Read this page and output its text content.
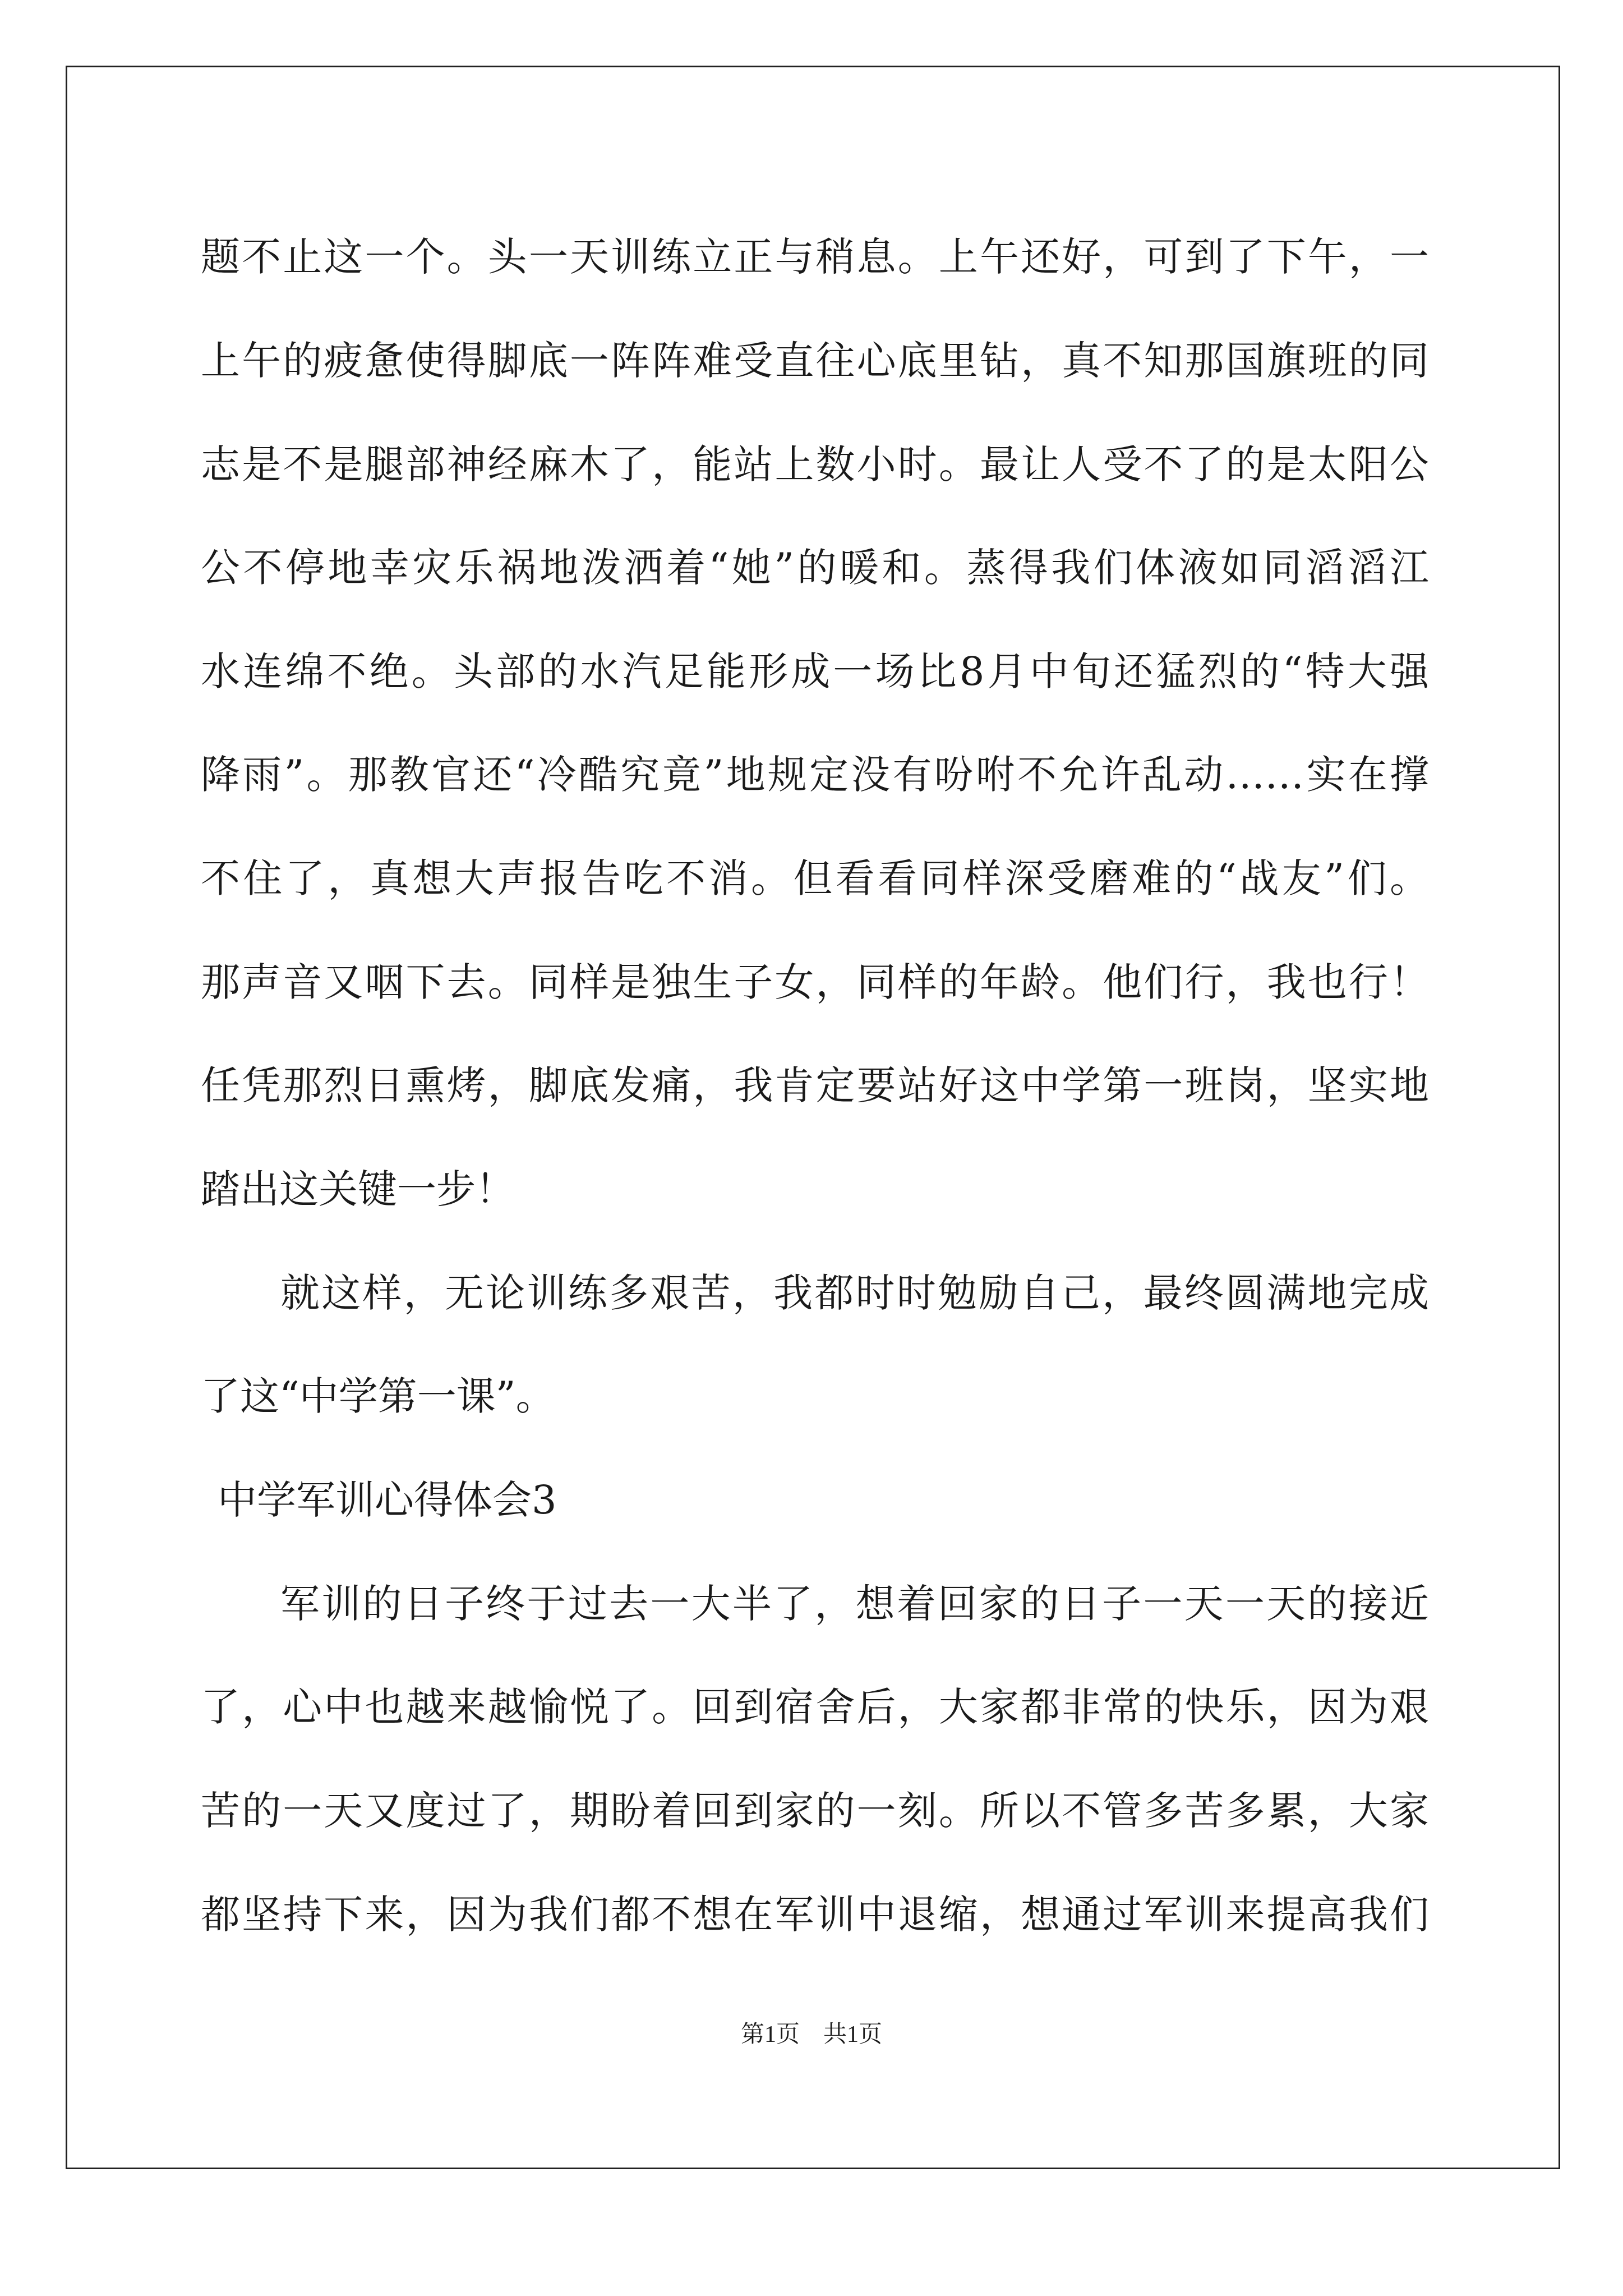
题不止这一个。头一天训练立正与稍息。上午还好，可到了下午，一
上午的疲惫使得脚底一阵阵难受直往心底里钻，真不知那国旗班的同
志是不是腿部神经麻木了，能站上数小时。最让人受不了的是太阳公
公不停地幸灾乐祸地泼洒着“她”的暖和。蒸得我们体液如同滔滔江
水连绵不绝。头部的水汽足能形成一场比8月中旬还猛烈的“特大强
降雨”。那教官还“冷酷究竟”地规定没有吩咐不允许乱动……实在撑
不住了，真想大声报告吃不消。但看看同样深受磨难的“战友”们。
那声音又咽下去。同样是独生子女，同样的年龄。他们行，我也行！
任凭那烈日熏烤，脚底发痛，我肯定要站好这中学第一班岗，坚实地
踏出这关键一步！
就这样，无论训练多艰苦，我都时时勉励自己，最终圆满地完成
了这“中学第一课”。
中学军训心得体会3
军训的日子终于过去一大半了，想着回家的日子一天一天的接近
了，心中也越来越愉悦了。回到宿舍后，大家都非常的快乐，因为艰
苦的一天又度过了，期盼着回到家的一刻。所以不管多苦多累，大家
都坚持下来，因为我们都不想在军训中退缩，想通过军训来提高我们
第1页　共1页
